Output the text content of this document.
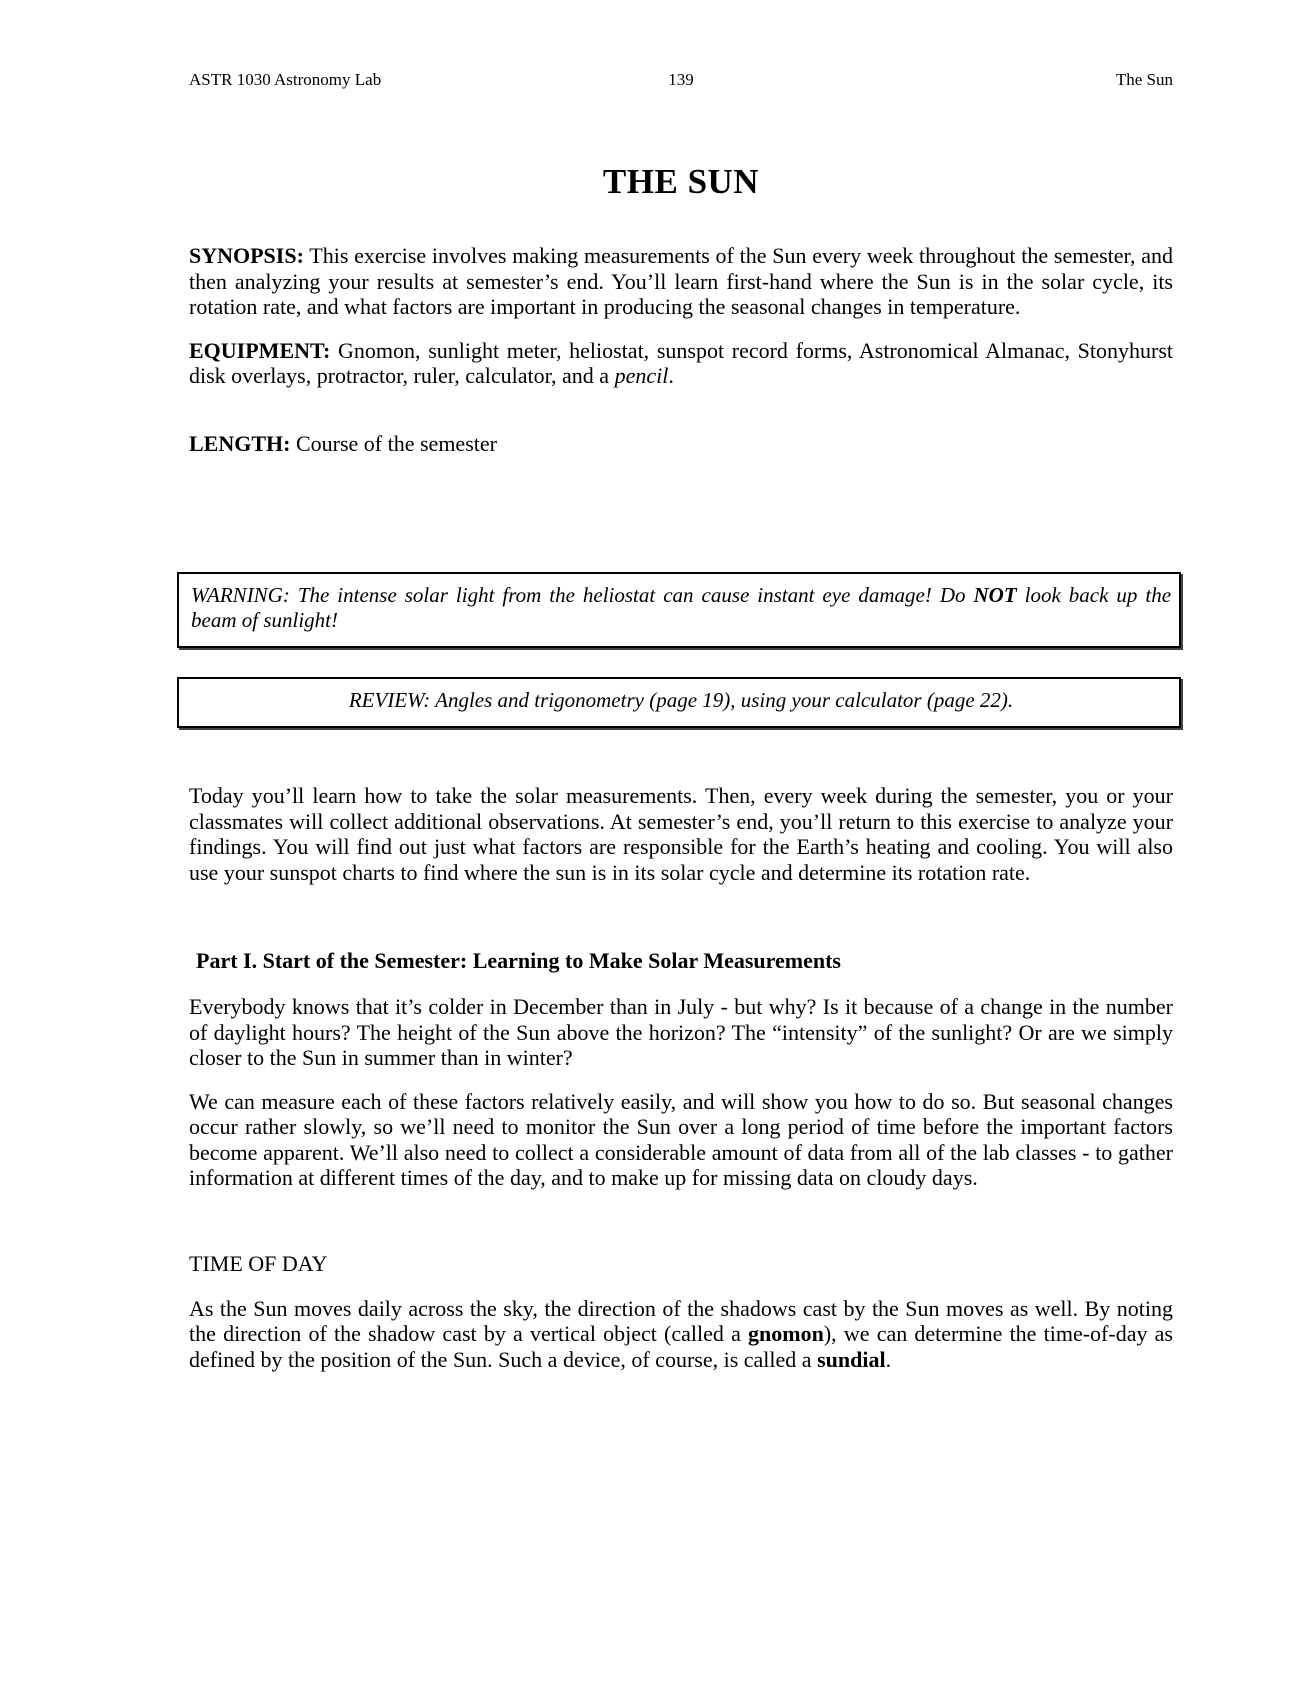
ASTR 1030 Astronomy Lab	139	The Sun
THE SUN

SYNOPSIS: This exercise involves making measurements of the Sun every week throughout the semester, and then analyzing your results at semester’s end. You’ll learn first-hand where the Sun is in the solar cycle, its rotation rate, and what factors are important in producing the seasonal changes in temperature.

EQUIPMENT: Gnomon, sunlight meter, heliostat, sunspot record forms, Astronomical Almanac, Stonyhurst disk overlays, protractor, ruler, calculator, and a pencil.

LENGTH: Course of the semester

WARNING: The intense solar light from the heliostat can cause instant eye damage! Do NOT look back up the beam of sunlight!
REVIEW: Angles and trigonometry (page 19), using your calculator (page 22).

Today you’ll learn how to take the solar measurements. Then, every week during the semester, you or your classmates will collect additional observations. At semester’s end, you’ll return to this exercise to analyze your findings. You will find out just what factors are responsible for the Earth’s heating and cooling. You will also use your sunspot charts to find where the sun is in its solar cycle and determine its rotation rate.

Part I. Start of the Semester: Learning to Make Solar Measurements

Everybody knows that it’s colder in December than in July - but why? Is it because of a change in the number of daylight hours? The height of the Sun above the horizon? The “intensity” of the sunlight? Or are we simply closer to the Sun in summer than in winter?

We can measure each of these factors relatively easily, and will show you how to do so. But seasonal changes occur rather slowly, so we’ll need to monitor the Sun over a long period of time before the important factors become apparent. We’ll also need to collect a considerable amount of data from all of the lab classes - to gather information at different times of the day, and to make up for missing data on cloudy days.

TIME OF DAY

As the Sun moves daily across the sky, the direction of the shadows cast by the Sun moves as well. By noting the direction of the shadow cast by a vertical object (called a gnomon), we can determine the time-of-day as defined by the position of the Sun. Such a device, of course, is called a sundial.
